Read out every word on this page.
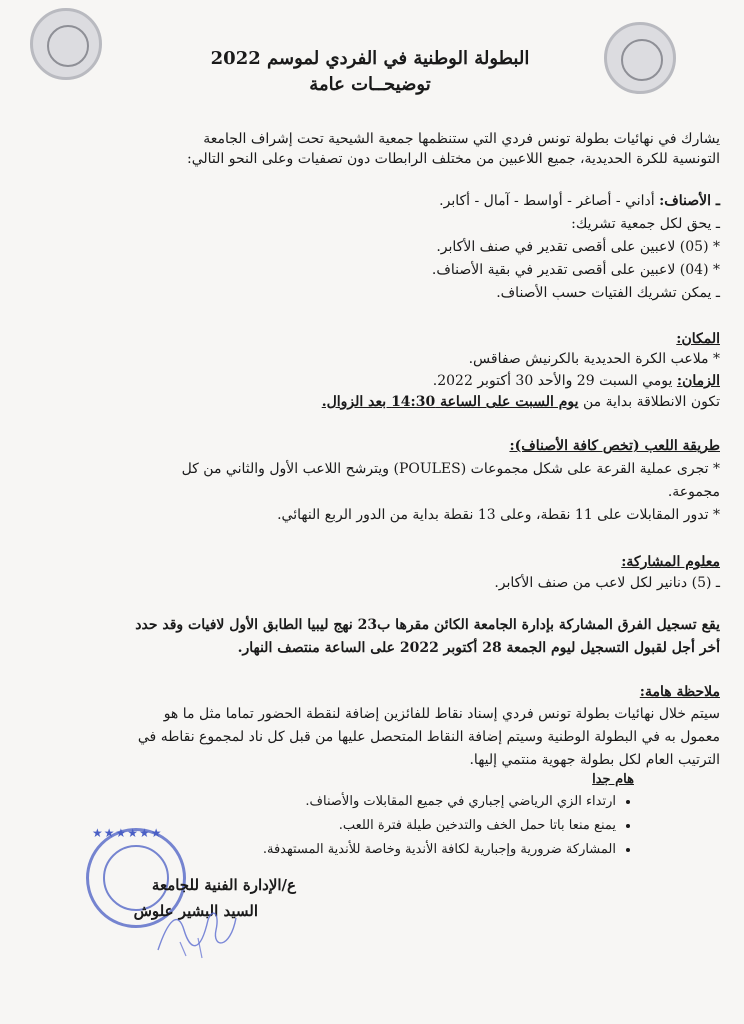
البطولة الوطنية في الفردي لموسم 2022
توضيحــات عامة
يشارك في نهائيات بطولة تونس فردي التي ستنظمها جمعية الشيحية تحت إشراف الجامعة
التونسية للكرة الحديدية، جميع اللاعبين من مختلف الرابطات دون تصفيات وعلى النحو التالي:
ـ الأصناف: أداني - أصاغر - أواسط - آمال - أكابر.
ـ يحق لكل جمعية تشريك:
* (05) لاعبين على أقصى تقدير في صنف الأكابر.
* (04) لاعبين على أقصى تقدير في بقية الأصناف.
ـ يمكن تشريك الفتيات حسب الأصناف.
المكان:
* ملاعب الكرة الحديدية بالكرنيش صفاقس.
الزمان: يومي السبت 29 والأحد 30 أكتوبر 2022.
تكون الانطلاقة بداية من يوم السبت على الساعة 14:30 بعد الزوال.
طريقة اللعب (تخص كافة الأصناف):
* تجرى عملية القرعة على شكل مجموعات (POULES) ويترشح اللاعب الأول والثاني من كل
مجموعة.
* تدور المقابلات على 11 نقطة، وعلى 13 نقطة بداية من الدور الربع النهائي.
معلوم المشاركة:
ـ (5) دنانير لكل لاعب من صنف الأكابر.
يقع تسجيل الفرق المشاركة بإدارة الجامعة الكائن مقرها ب23 نهج ليبيا الطابق الأول لافيات وقد حدد
أخر أجل لقبول التسجيل ليوم الجمعة 28 أكتوبر 2022 على الساعة منتصف النهار.
ملاحظة هامة:
سيتم خلال نهائيات بطولة تونس فردي إسناد نقاط للفائزين إضافة لنقطة الحضور تماما مثل ما هو
معمول به في البطولة الوطنية وسيتم إضافة النقاط المتحصل عليها من قبل كل ناد لمجموع نقاطه في
الترتيب العام لكل بطولة جهوية منتمي إليها.
هام جدا
• ارتداء الزي الرياضي إجباري في جميع المقابلات والأصناف.
• يمنع منعا باتا حمل الخف والتدخين طيلة فترة اللعب.
• المشاركة ضرورية وإجبارية لكافة الأندية وخاصة للأندية المستهدفة.
★★★★★★
ع/الإدارة الفنية للجامعة
السيد البشير علوش
